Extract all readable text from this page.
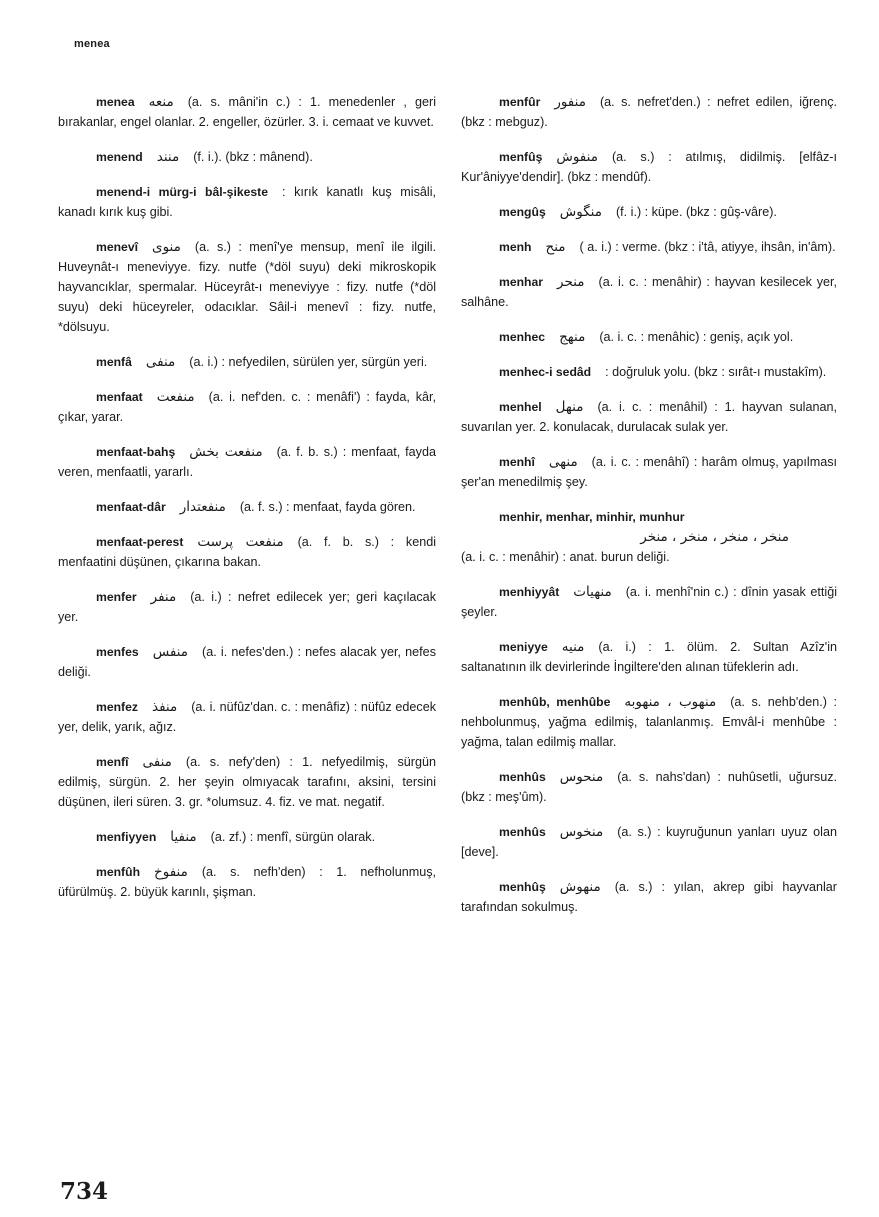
menea
menea منعه (a. s. mâni'in c.) : 1. menedenler , geri bırakanlar, engel olanlar. 2. engeller, özürler. 3. i. cemaat ve kuvvet.
menend منند (f. i.). (bkz : mânend).
menend-i mürg-i bâl-şikeste : kırık kanatlı kuş misâli, kanadı kırık kuş gibi.
menevî منوى (a. s.) : menî'ye mensup, menî ile ilgili. Huveynât-ı meneviyye. fizy. nutfe (*döl suyu) deki mikroskopik hayvancıklar, spermalar. Hüceyrât-ı meneviyye : fizy. nutfe (*döl suyu) deki hüceyreler, odacıklar. Sâil-i menevî : fizy. nutfe, *dölsuyu.
menfâ منفى (a. i.) : nefyedilen, sürülen yer, sürgün yeri.
menfaat منفعت (a. i. nef'den. c. : menâfi') : fayda, kâr, çıkar, yarar.
menfaat-bahş منفعت بخش (a. f. b. s.) : menfaat, fayda veren, menfaatli, yararlı.
menfaat-dâr منفعتدار (a. f. s.) : menfaat, fayda gören.
menfaat-perest منفعت پرست (a. f. b. s.) : kendi menfaatini düşünen, çıkarına bakan.
menfer منفر (a. i.) : nefret edilecek yer; geri kaçılacak yer.
menfes منفس (a. i. nefes'den.) : nefes alacak yer, nefes deliği.
menfez منفذ (a. i. nüfûz'dan. c. : menâfiz) : nüfûz edecek yer, delik, yarık, ağız.
menfî منفى (a. s. nefy'den) : 1. nefyedilmiş, sürgün edilmiş, sürgün. 2. her şeyin olmıyacak tarafını, aksini, tersini düşünen, ileri süren. 3. gr. *olumsuz. 4. fiz. ve mat. negatif.
menfiyyen منفيا (a. zf.) : menfî, sürgün olarak.
menfûh منفوخ (a. s. nefh'den) : 1. nefholunmuş, üfürülmüş. 2. büyük karınlı, şişman.
menfûr منفور (a. s. nefret'den.) : nefret edilen, iğrenç. (bkz : mebguz).
menfûş منفوش (a. s.) : atılmış, didilmiş. [elfâz-ı Kur'âniyye'dendir]. (bkz : mendûf).
mengûş منگوش (f. i.) : küpe. (bkz : gûş-vâre).
menh منح ( a. i.) : verme. (bkz : i'tâ, atiyye, ihsân, in'âm).
menhar منحر (a. i. c. : menâhir) : hayvan kesilecek yer, salhâne.
menhec منهج (a. i. c. : menâhic) : geniş, açık yol.
menhec-i sedâd : doğruluk yolu. (bkz : sırât-ı mustakîm).
menhel منهل (a. i. c. : menâhil) : 1. hayvan sulanan, suvarılan yer. 2. konulacak, durulacak sulak yer.
menhî منهى (a. i. c. : menâhî) : harâm olmuş, yapılması şer'an menedilmiş şey.
menhir, menhar, minhir, munhur
منخر ، منخر ، منخر ، منخر
(a. i. c. : menâhir) : anat. burun deliği.
menhiyyât منهيات (a. i. menhî'nin c.) : dînin yasak ettiği şeyler.
meniyye منيه (a. i.) : 1. ölüm. 2. Sultan Azîz'in saltanatının ilk devirlerinde İngiltere'den alınan tüfeklerin adı.
menhûb, menhûbe منهوب ، منهوبه (a. s. nehb'den.) : nehbolunmuş, yağma edilmiş, talanlanmış. Emvâl-i menhûbe : yağma, talan edilmiş mallar.
menhûs منحوس (a. s. nahs'dan) : nuhûsetli, uğursuz. (bkz : meş'ûm).
menhûs منخوس (a. s.) : kuyruğunun yanları uyuz olan [deve].
menhûş منهوش (a. s.) : yılan, akrep gibi hayvanlar tarafından sokulmuş.
734
